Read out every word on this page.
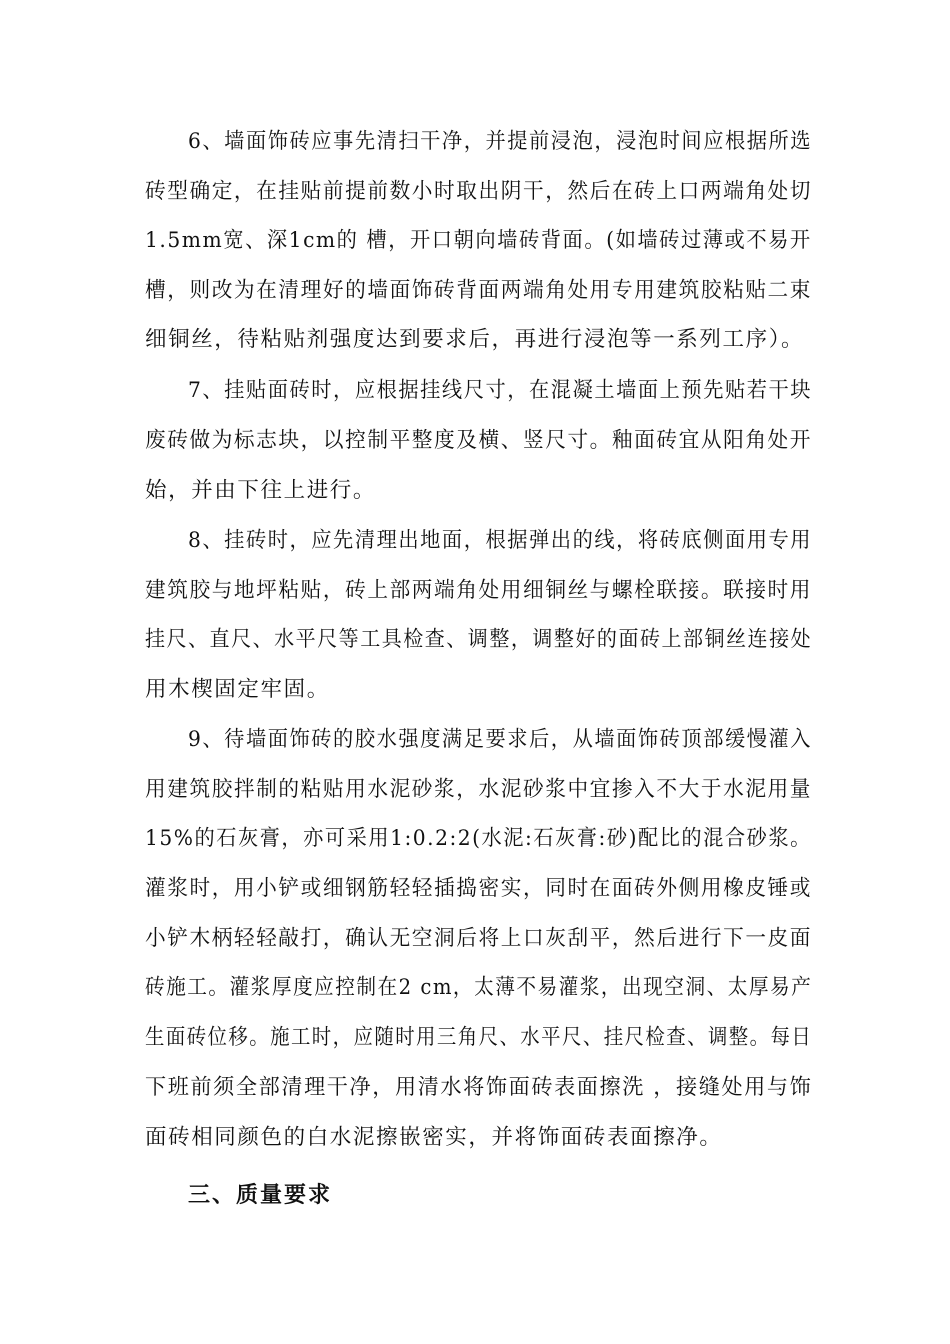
6、墙面饰砖应事先清扫干净，并提前浸泡，浸泡时间应根据所选
砖型确定，在挂贴前提前数小时取出阴干，然后在砖上口两端角处切
1.5mm宽、深1cm的 槽，开口朝向墙砖背面。(如墙砖过薄或不易开
槽，则改为在清理好的墙面饰砖背面两端角处用专用建筑胶粘贴二束
细铜丝，待粘贴剂强度达到要求后，再进行浸泡等一系列工序）。
7、挂贴面砖时，应根据挂线尺寸，在混凝土墙面上预先贴若干块
废砖做为标志块，以控制平整度及横、竖尺寸。釉面砖宜从阳角处开
始，并由下往上进行。
8、挂砖时，应先清理出地面，根据弹出的线，将砖底侧面用专用
建筑胶与地坪粘贴，砖上部两端角处用细铜丝与螺栓联接。联接时用
挂尺、直尺、水平尺等工具检查、调整，调整好的面砖上部铜丝连接处
用木楔固定牢固。
9、待墙面饰砖的胶水强度满足要求后，从墙面饰砖顶部缓慢灌入
用建筑胶拌制的粘贴用水泥砂浆，水泥砂浆中宜掺入不大于水泥用量
15%的石灰膏，亦可采用1:0.2:2(水泥:石灰膏:砂)配比的混合砂浆。
灌浆时，用小铲或细钢筋轻轻插捣密实，同时在面砖外侧用橡皮锤或
小铲木柄轻轻敲打，确认无空洞后将上口灰刮平，然后进行下一皮面
砖施工。灌浆厚度应控制在2 cm，太薄不易灌浆，出现空洞、太厚易产
生面砖位移。施工时，应随时用三角尺、水平尺、挂尺检查、调整。每日
下班前须全部清理干净，用清水将饰面砖表面擦洗 ，接缝处用与饰
面砖相同颜色的白水泥擦嵌密实，并将饰面砖表面擦净。
三、质量要求
